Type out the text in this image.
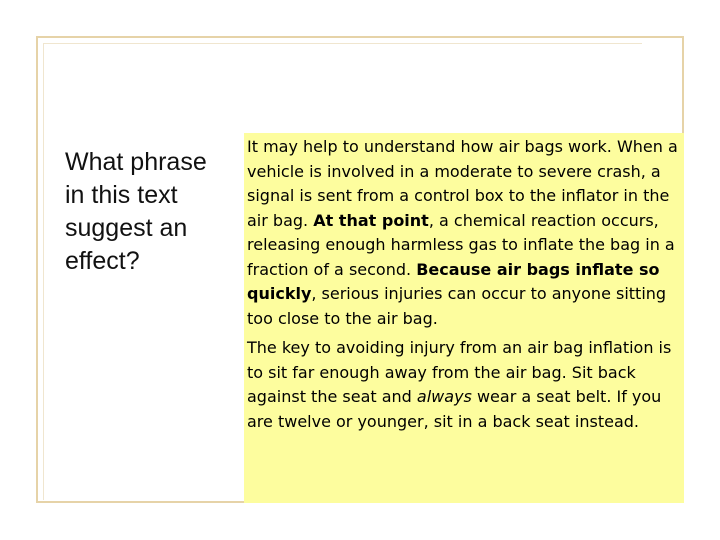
What phrase
in this text
suggest an
effect?

It may help to understand how air bags work. When a vehicle is involved in a moderate to severe crash, a signal is sent from a control box to the inflator in the air bag. At that point, a chemical reaction occurs, releasing enough harmless gas to inflate the bag in a fraction of a second. Because air bags inflate so quickly, serious injuries can occur to anyone sitting too close to the air bag.

The key to avoiding injury from an air bag inflation is to sit far enough away from the air bag. Sit back against the seat and always wear a seat belt. If you are twelve or younger, sit in a back seat instead.
